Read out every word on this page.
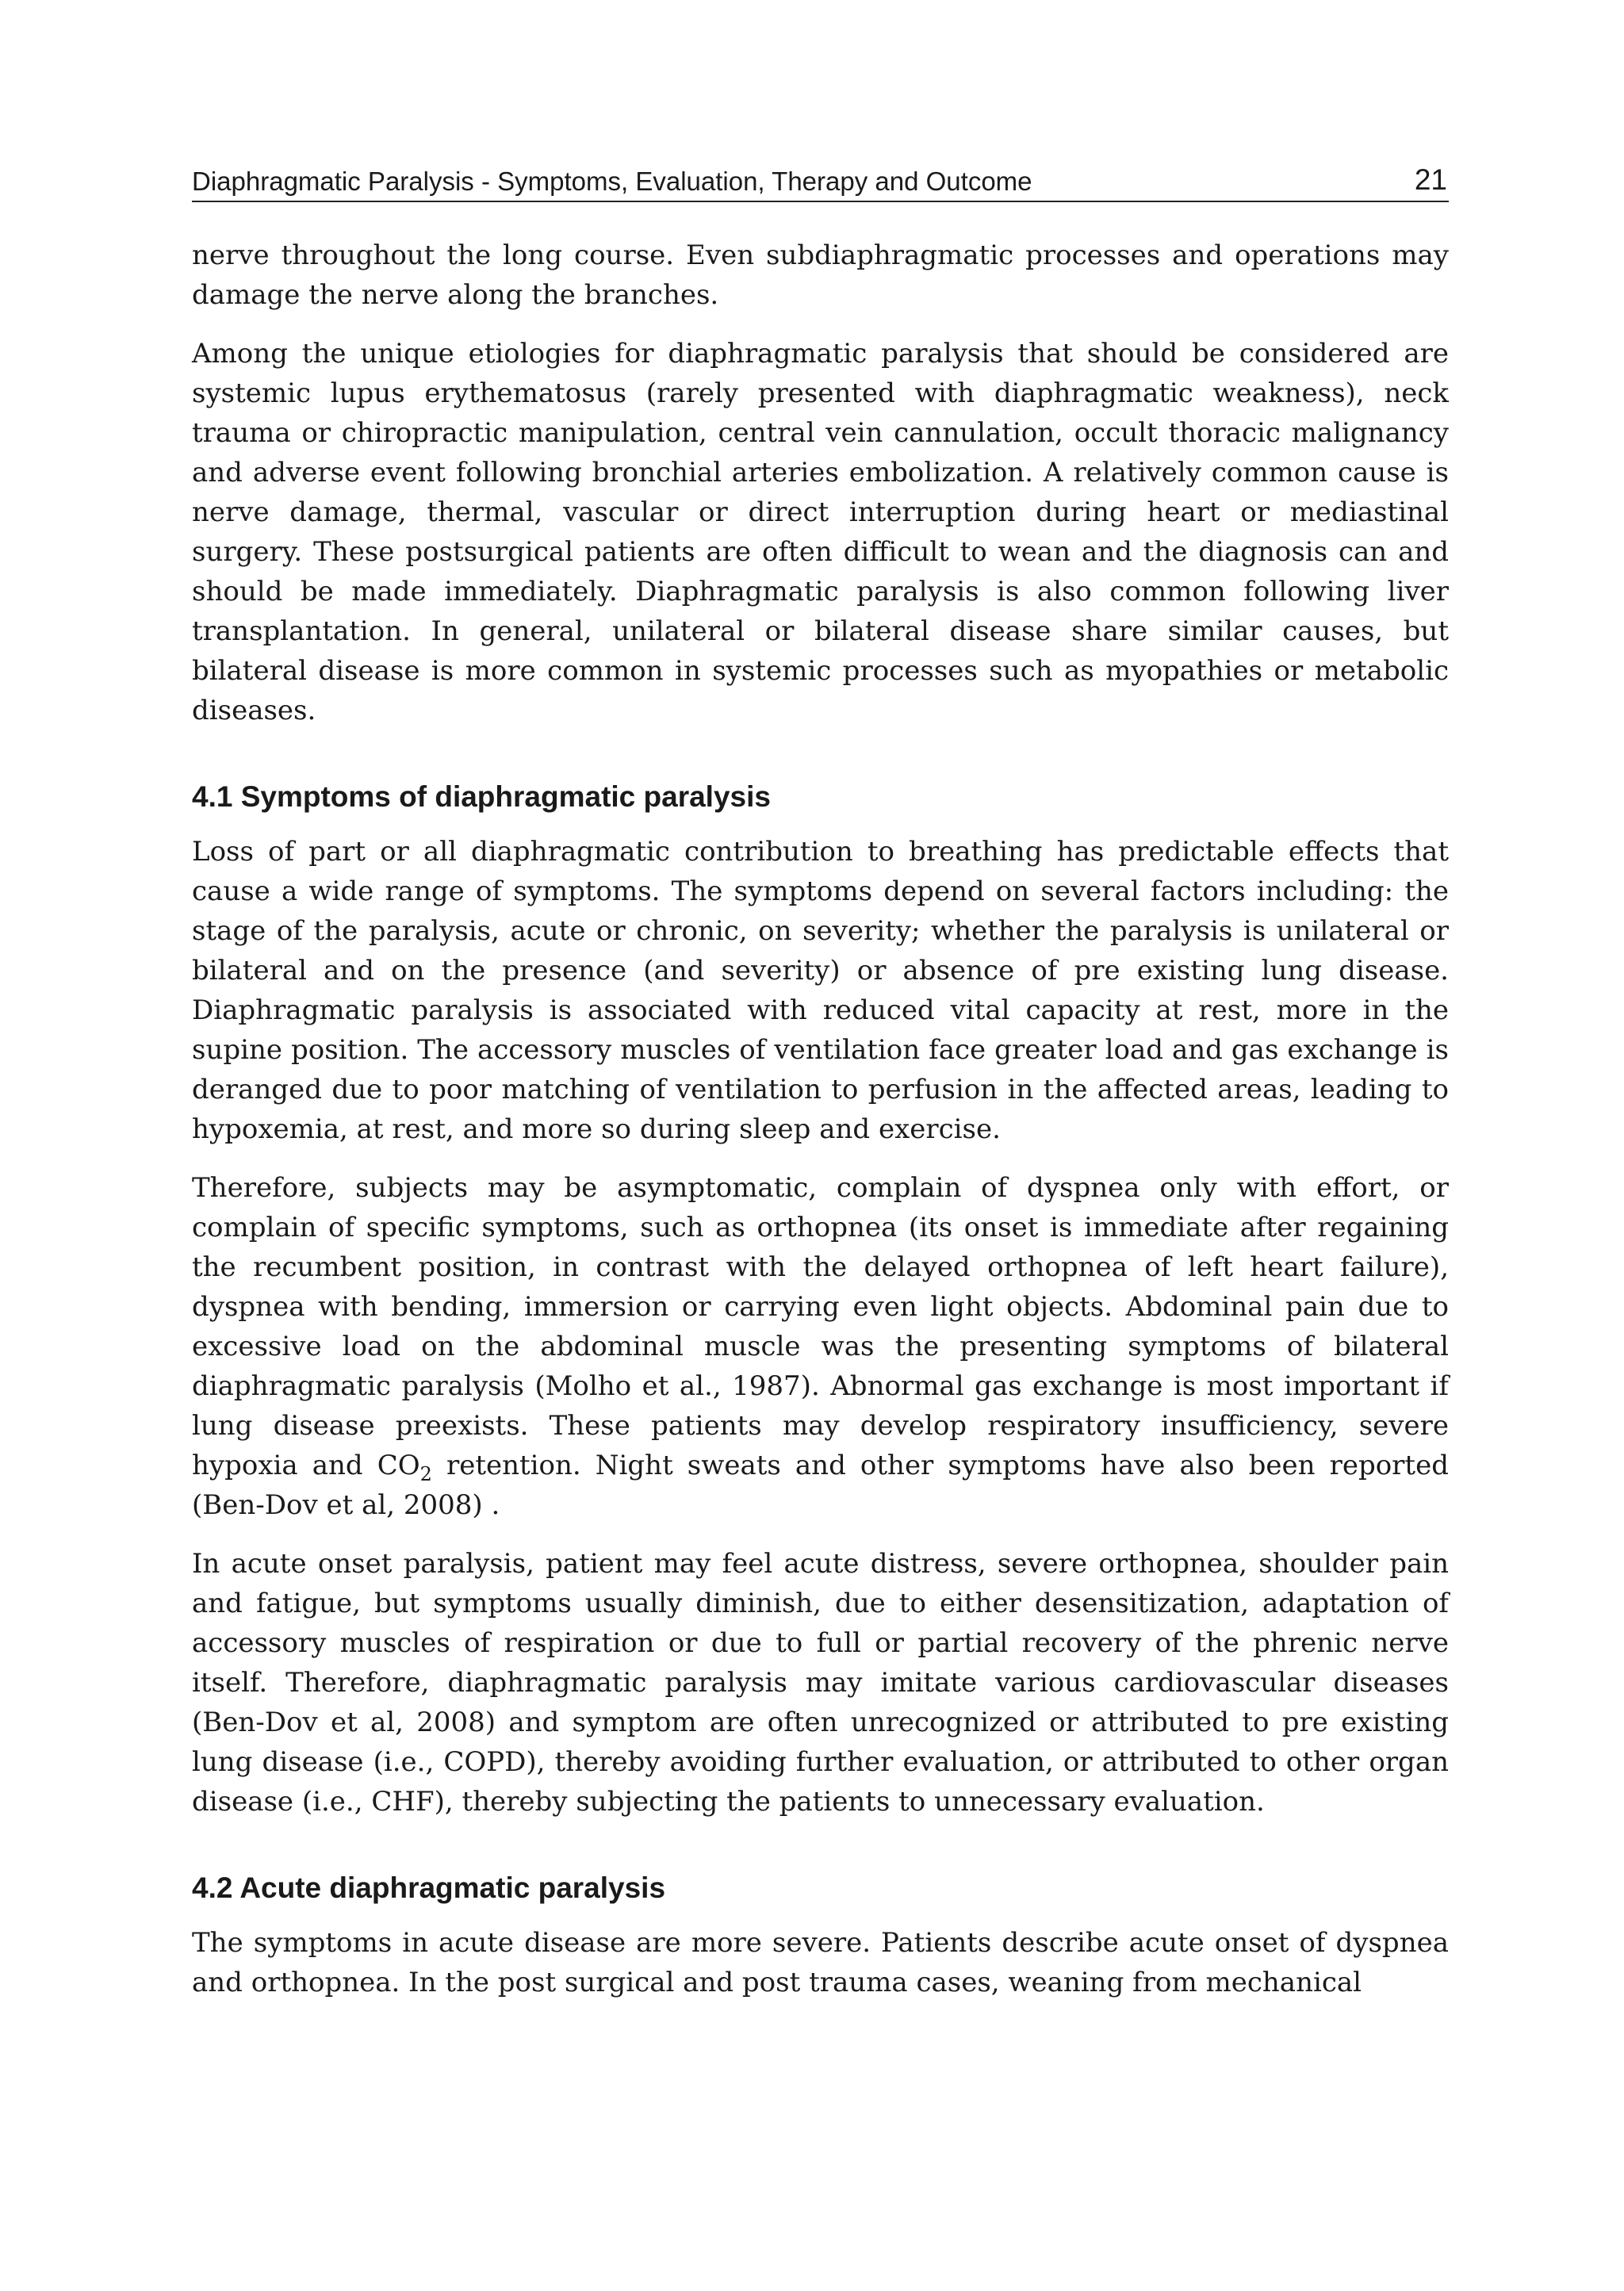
Diaphragmatic Paralysis - Symptoms, Evaluation, Therapy and Outcome	21

nerve throughout the long course. Even subdiaphragmatic processes and operations may damage the nerve along the branches.

Among the unique etiologies for diaphragmatic paralysis that should be considered are systemic lupus erythematosus (rarely presented with diaphragmatic weakness), neck trauma or chiropractic manipulation, central vein cannulation, occult thoracic malignancy and adverse event following bronchial arteries embolization. A relatively common cause is nerve damage, thermal, vascular or direct interruption during heart or mediastinal surgery. These postsurgical patients are often difficult to wean and the diagnosis can and should be made immediately. Diaphragmatic paralysis is also common following liver transplantation. In general, unilateral or bilateral disease share similar causes, but bilateral disease is more common in systemic processes such as myopathies or metabolic diseases.

4.1 Symptoms of diaphragmatic paralysis

Loss of part or all diaphragmatic contribution to breathing has predictable effects that cause a wide range of symptoms. The symptoms depend on several factors including: the stage of the paralysis, acute or chronic, on severity; whether the paralysis is unilateral or bilateral and on the presence (and severity) or absence of pre existing lung disease. Diaphragmatic paralysis is associated with reduced vital capacity at rest, more in the supine position. The accessory muscles of ventilation face greater load and gas exchange is deranged due to poor matching of ventilation to perfusion in the affected areas, leading to hypoxemia, at rest, and more so during sleep and exercise.

Therefore, subjects may be asymptomatic, complain of dyspnea only with effort, or complain of specific symptoms, such as orthopnea (its onset is immediate after regaining the recumbent position, in contrast with the delayed orthopnea of left heart failure), dyspnea with bending, immersion or carrying even light objects. Abdominal pain due to excessive load on the abdominal muscle was the presenting symptoms of bilateral diaphragmatic paralysis (Molho et al., 1987). Abnormal gas exchange is most important if lung disease preexists. These patients may develop respiratory insufficiency, severe hypoxia and $CO_2$ retention. Night sweats and other symptoms have also been reported (Ben-Dov et al, 2008) .

In acute onset paralysis, patient may feel acute distress, severe orthopnea, shoulder pain and fatigue, but symptoms usually diminish, due to either desensitization, adaptation of accessory muscles of respiration or due to full or partial recovery of the phrenic nerve itself. Therefore, diaphragmatic paralysis may imitate various cardiovascular diseases (Ben-Dov et al, 2008) and symptom are often unrecognized or attributed to pre existing lung disease (i.e., COPD), thereby avoiding further evaluation, or attributed to other organ disease (i.e., CHF), thereby subjecting the patients to unnecessary evaluation.

4.2 Acute diaphragmatic paralysis

The symptoms in acute disease are more severe. Patients describe acute onset of dyspnea and orthopnea. In the post surgical and post trauma cases, weaning from mechanical
